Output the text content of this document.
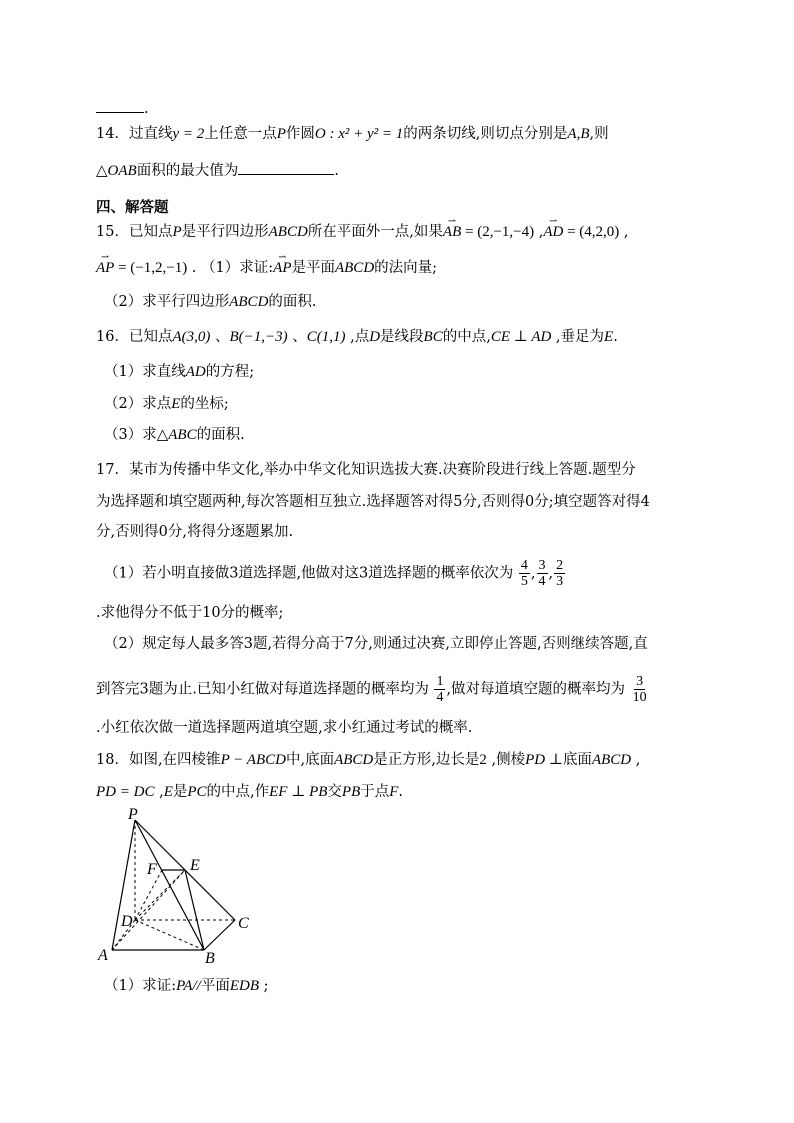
.
14．过直线y = 2上任意一点P作圆O : x² + y² = 1的两条切线,则切点分别是A,B,则
△OAB面积的最大值为	.
四、解答题
15．已知点P是平行四边形ABCD所在平面外一点,如果⇀ AB = (2,−1,−4) ,⇀ AD = (4,2,0) ,
⇀ AP = (−1,2,−1) . （1）求证:⇀ AP是平面ABCD的法向量;
（2）求平行四边形ABCD的面积.
16．已知点A(3,0) 、B(−1,−3) 、C(1,1) ,点D是线段BC的中点,CE ⊥ AD ,垂足为E.
（1）求直线AD的方程;
（2）求点E的坐标;
（3）求△ABC的面积.
17．某市为传播中华文化,举办中华文化知识选拔大赛.决赛阶段进行线上答题.题型分
为选择题和填空题两种,每次答题相互独立.选择题答对得5分,否则得0分;填空题答对得4
分,否则得0分,将得分逐题累加.
（1）若小明直接做3道选择题,他做对这3道选择题的概率依次为 $\frac{4}{5}$ , $\frac{3}{4}$ , $\frac{2}{3}$
.求他得分不低于10分的概率;
（2）规定每人最多答3题,若得分高于7分,则通过决赛,立即停止答题,否则继续答题,直
到答完3题为止.已知小红做对每道选择题的概率均为 $\frac{1}{4}$ ,做对每道填空题的概率均为 $\frac{3}{10}$
.小红依次做一道选择题两道填空题,求小红通过考试的概率.
18．如图,在四棱锥P − ABCD中,底面ABCD是正方形,边长是2 ,侧棱PD ⊥底面ABCD ,
PD = DC ,E是PC的中点,作EF ⊥ PB交PB于点F.
P
F E
D	C
A	B
（1）求证:PA//平面EDB ;
